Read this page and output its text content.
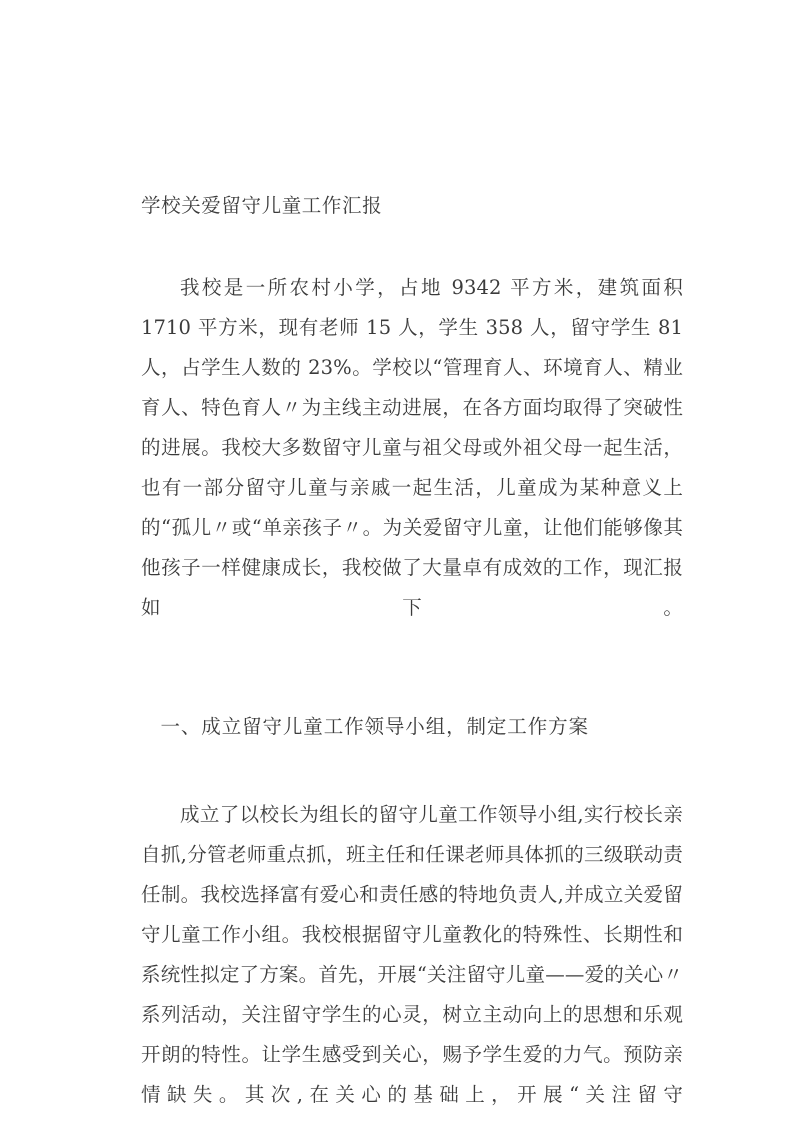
学校关爱留守儿童工作汇报
我校是一所农村小学，占地 9342 平方米，建筑面积 1710 平方米，现有老师 15 人，学生 358 人，留守学生 81 人，占学生人数的 23%。学校以“管理育人、环境育人、精业育人、特色育人〃为主线主动进展，在各方面均取得了突破性的进展。我校大多数留守儿童与祖父母或外祖父母一起生活，也有一部分留守儿童与亲戚一起生活，儿童成为某种意义上的“孤儿〃或“单亲孩子〃。为关爱留守儿童，让他们能够像其他孩子一样健康成长，我校做了大量卓有成效的工作，现汇报如下。
一、成立留守儿童工作领导小组，制定工作方案
成立了以校长为组长的留守儿童工作领导小组,实行校长亲自抓,分管老师重点抓，班主任和任课老师具体抓的三级联动责任制。我校选择富有爱心和责任感的特地负责人,并成立关爱留守儿童工作小组。我校根据留守儿童教化的特殊性、长期性和系统性拟定了方案。首先，开展“关注留守儿童——爱的关心〃系列活动，关注留守学生的心灵，树立主动向上的思想和乐观开朗的特性。让学生感受到关心，赐予学生爱的力气。预防亲情缺失。其次,在关心的基础上，开展“关注留守
